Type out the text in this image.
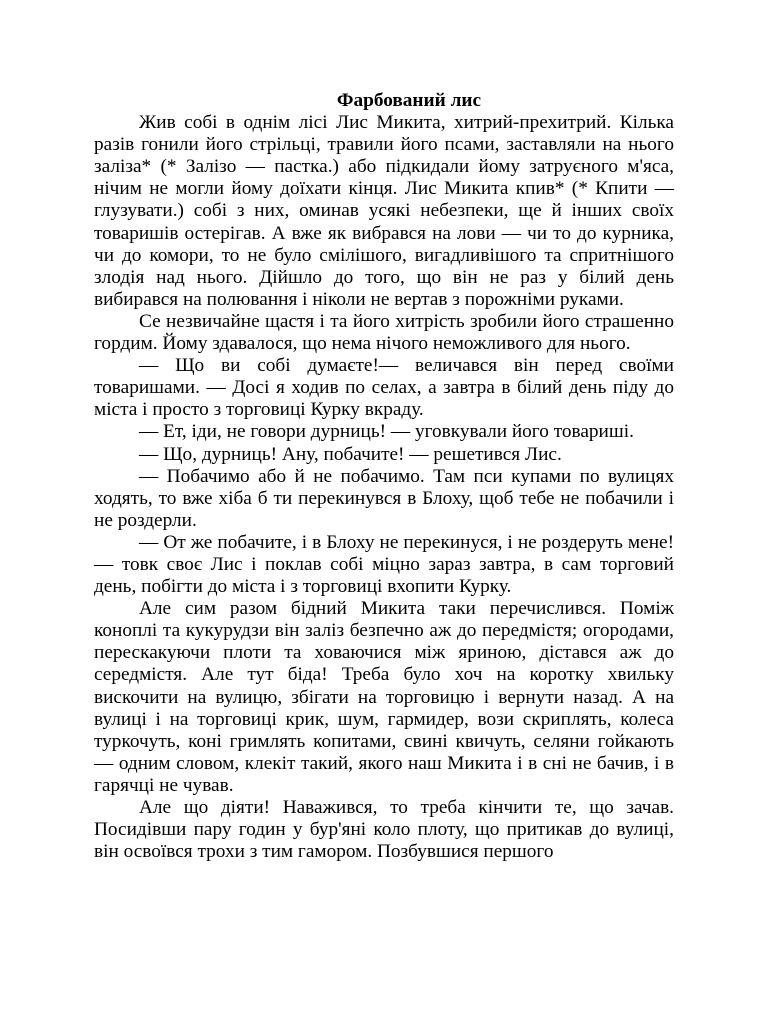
Фарбований лис

Жив собі в однім лісі Лис Микита, хитрий-прехитрий. Кілька разів гонили його стрільці, травили його псами, заставляли на нього заліза* (* Залізо — пастка.) або підкидали йому затруєного м'яса, нічим не могли йому доїхати кінця. Лис Микита кпив* (* Кпити — глузувати.) собі з них, оминав усякі небезпеки, ще й інших своїх товаришів остерігав. А вже як вибрався на лови — чи то до курника, чи до комори, то не було смілішого, вигадливішого та спритнішого злодія над нього. Дійшло до того, що він не раз у білий день вибирався на полювання і ніколи не вертав з порожніми руками.

Се незвичайне щастя і та його хитрість зробили його страшенно гордим. Йому здавалося, що нема нічого неможливого для нього.

— Що ви собі думаєте!— величався він перед своїми товаришами. — Досі я ходив по селах, а завтра в білий день піду до міста і просто з торговиці Курку вкраду.

— Ет, іди, не говори дурниць! — уговкували його товариші.

— Що, дурниць! Ану, побачите! — решетився Лис.

— Побачимо або й не побачимо. Там пси купами по вулицях ходять, то вже хіба б ти перекинувся в Блоху, щоб тебе не побачили і не роздерли.

— От же побачите, і в Блоху не перекинуся, і не роздеруть мене!— товк своє Лис і поклав собі міцно зараз завтра, в сам торговий день, побігти до міста і з торговиці вхопити Курку.

Але сим разом бідний Микита таки перечислився. Поміж коноплі та кукурудзи він заліз безпечно аж до передмістя; огородами, перескакуючи плоти та ховаючися між яриною, дістався аж до середмістя. Але тут біда! Треба було хоч на коротку хвильку вискочити на вулицю, збігати на торговицю і вернути назад. А на вулиці і на торговиці крик, шум, гармидер, вози скриплять, колеса туркочуть, коні гримлять копитами, свині квичуть, селяни гойкають — одним словом, клекіт такий, якого наш Микита і в сні не бачив, і в гарячці не чував.

Але що діяти! Наважився, то треба кінчити те, що зачав. Посидівши пару годин у бур'яні коло плоту, що притикав до вулиці, він освоївся трохи з тим гамором. Позбувшися першого
